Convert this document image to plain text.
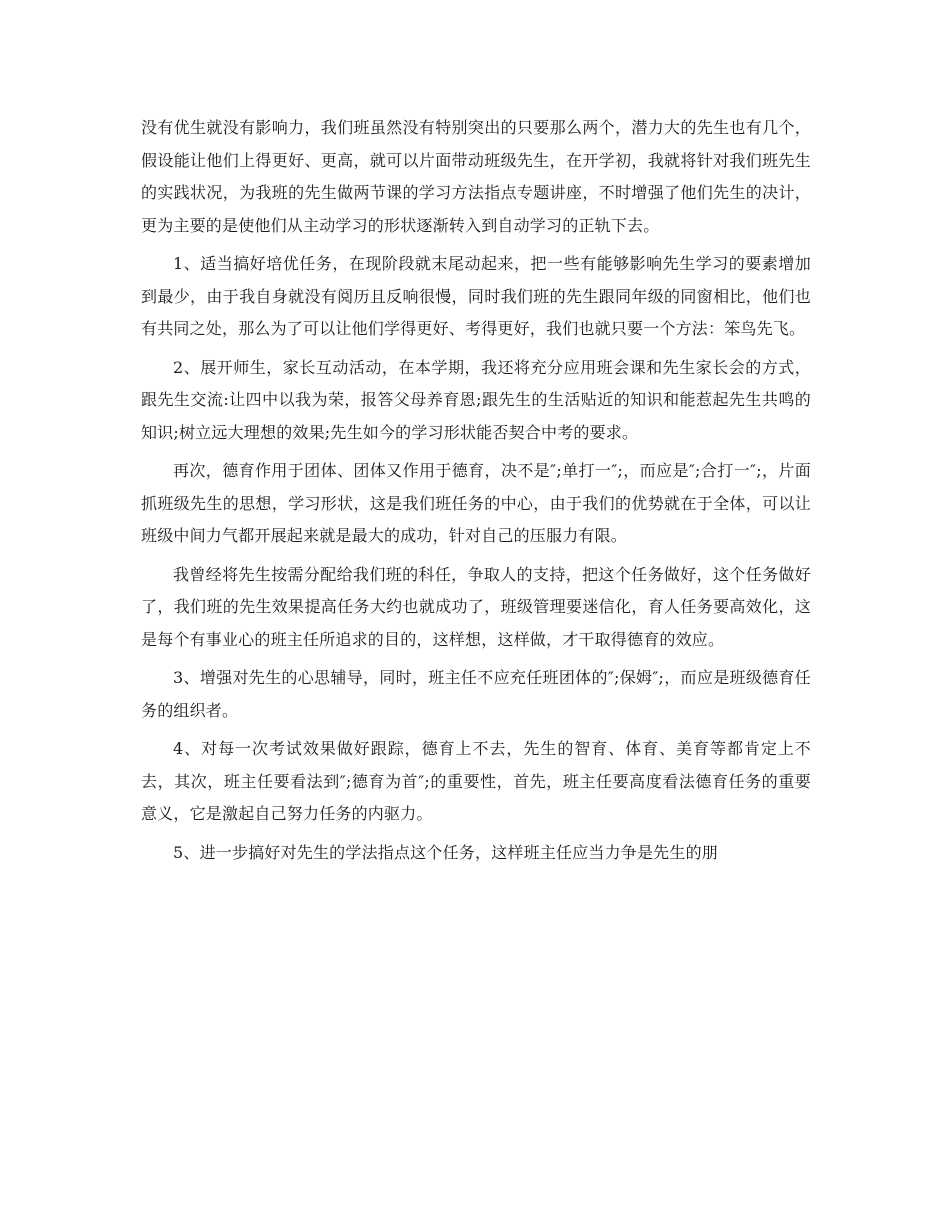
没有优生就没有影响力，我们班虽然没有特别突出的只要那么两个，潜力大的先生也有几个，假设能让他们上得更好、更高，就可以片面带动班级先生，在开学初，我就将针对我们班先生的实践状况，为我班的先生做两节课的学习方法指点专题讲座，不时增强了他们先生的决计，更为主要的是使他们从主动学习的形状逐渐转入到自动学习的正轨下去。

1、适当搞好培优任务，在现阶段就末尾动起来，把一些有能够影响先生学习的要素增加到最少，由于我自身就没有阅历且反响很慢，同时我们班的先生跟同年级的同窗相比，他们也有共同之处，那么为了可以让他们学得更好、考得更好，我们也就只要一个方法：笨鸟先飞。

2、展开师生，家长互动活动，在本学期，我还将充分应用班会课和先生家长会的方式，跟先生交流:让四中以我为荣，报答父母养育恩;跟先生的生活贴近的知识和能惹起先生共鸣的知识;树立远大理想的效果;先生如今的学习形状能否契合中考的要求。

再次，德育作用于团体、团体又作用于德育，决不是″;单打一″;，而应是″;合打一″;，片面抓班级先生的思想，学习形状，这是我们班任务的中心，由于我们的优势就在于全体，可以让班级中间力气都开展起来就是最大的成功，针对自己的压服力有限。

我曾经将先生按需分配给我们班的科任，争取人的支持，把这个任务做好，这个任务做好了，我们班的先生效果提高任务大约也就成功了，班级管理要迷信化，育人任务要高效化，这是每个有事业心的班主任所追求的目的，这样想，这样做，才干取得德育的效应。

3、增强对先生的心思辅导，同时，班主任不应充任班团体的″;保姆″;，而应是班级德育任务的组织者。

4、对每一次考试效果做好跟踪，德育上不去，先生的智育、体育、美育等都肯定上不去，其次，班主任要看法到″;德育为首″;的重要性，首先，班主任要高度看法德育任务的重要意义，它是激起自己努力任务的内驱力。

5、进一步搞好对先生的学法指点这个任务，这样班主任应当力争是先生的朋
